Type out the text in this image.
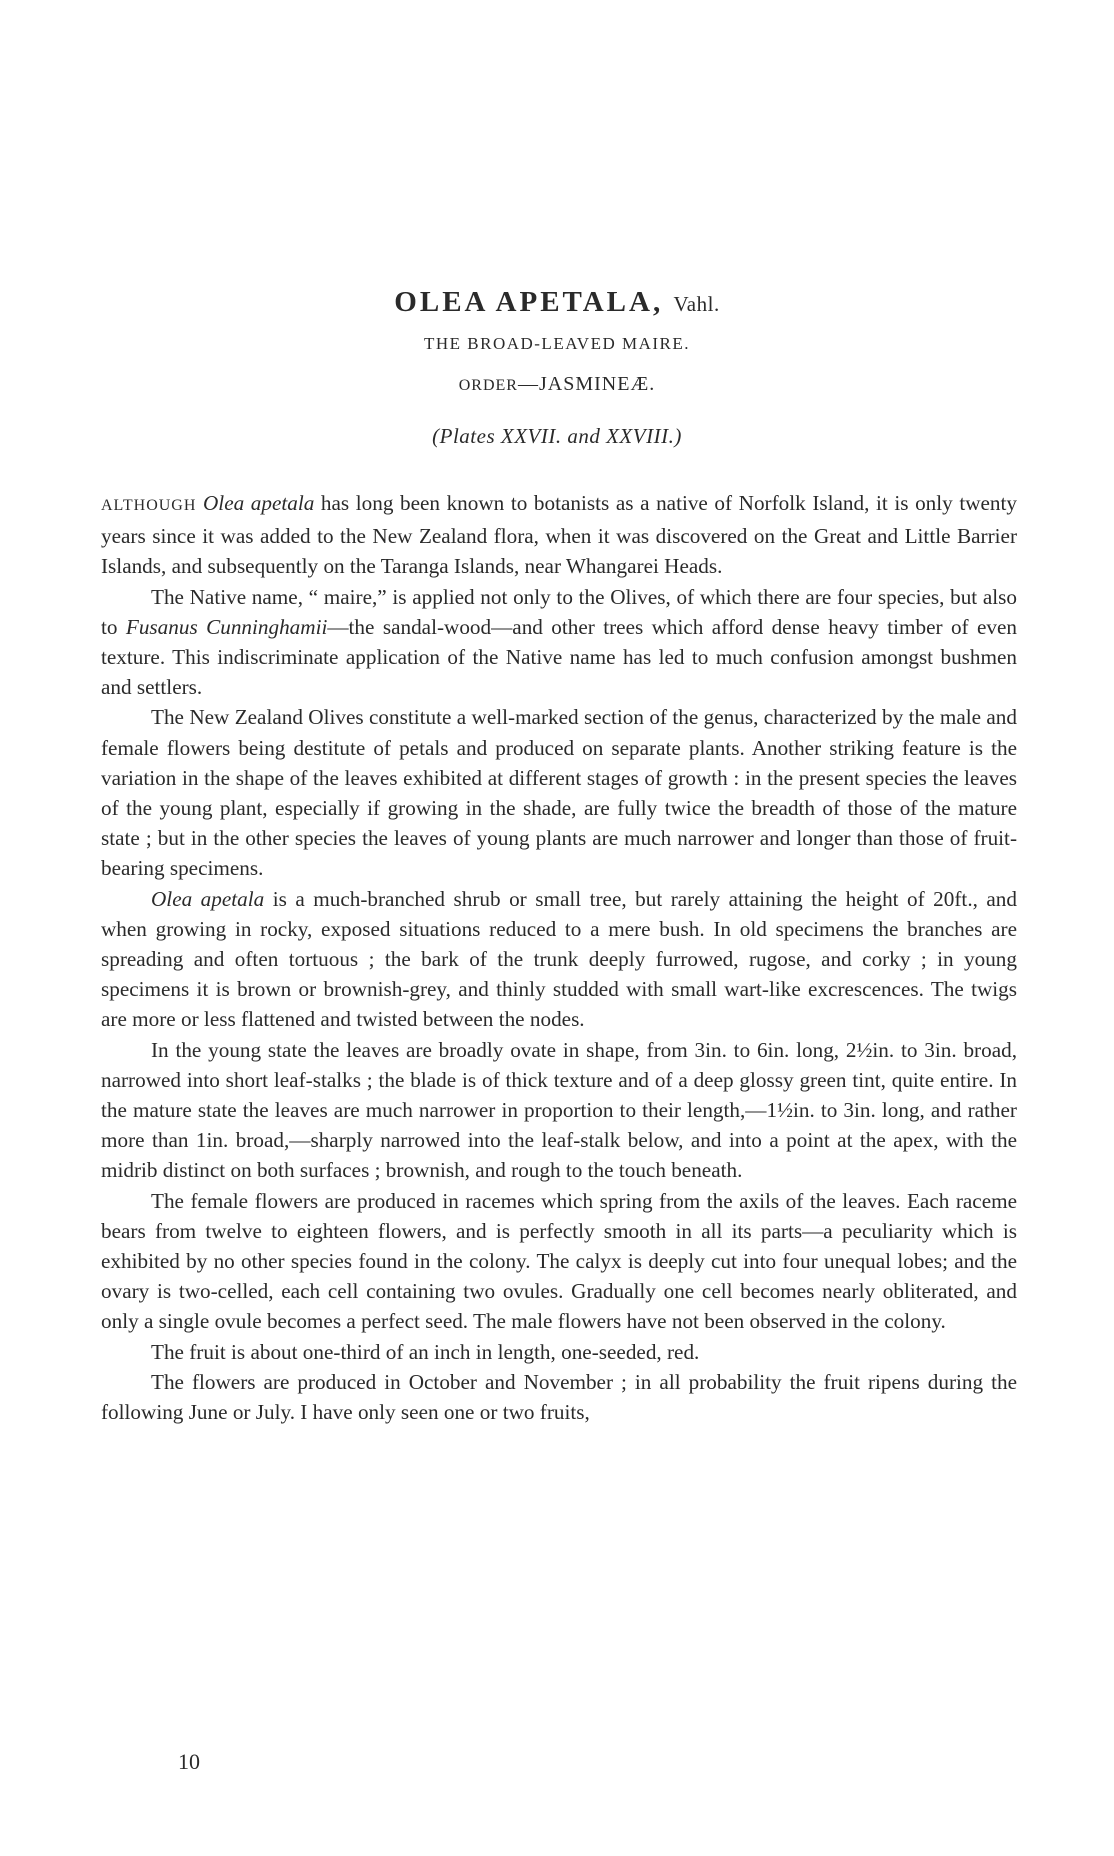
OLEA APETALA, Vahl.
THE BROAD-LEAVED MAIRE.
ORDER—JASMINEÆ.
(Plates XXVII. and XXVIII.)

ALTHOUGH Olea apetala has long been known to botanists as a native of Norfolk Island, it is only twenty years since it was added to the New Zealand flora, when it was discovered on the Great and Little Barrier Islands, and subsequently on the Taranga Islands, near Whangarei Heads.

The Native name, “ maire,” is applied not only to the Olives, of which there are four species, but also to Fusanus Cunninghamii—the sandal-wood—and other trees which afford dense heavy timber of even texture. This indiscriminate application of the Native name has led to much confusion amongst bushmen and settlers.

The New Zealand Olives constitute a well-marked section of the genus, characterized by the male and female flowers being destitute of petals and produced on separate plants. Another striking feature is the variation in the shape of the leaves exhibited at different stages of growth : in the present species the leaves of the young plant, especially if growing in the shade, are fully twice the breadth of those of the mature state ; but in the other species the leaves of young plants are much narrower and longer than those of fruit-bearing specimens.

Olea apetala is a much-branched shrub or small tree, but rarely attaining the height of 20ft., and when growing in rocky, exposed situations reduced to a mere bush. In old specimens the branches are spreading and often tortuous ; the bark of the trunk deeply furrowed, rugose, and corky ; in young specimens it is brown or brownish-grey, and thinly studded with small wart-like excrescences. The twigs are more or less flattened and twisted between the nodes.

In the young state the leaves are broadly ovate in shape, from 3in. to 6in. long, 2½in. to 3in. broad, narrowed into short leaf-stalks ; the blade is of thick texture and of a deep glossy green tint, quite entire. In the mature state the leaves are much narrower in proportion to their length,—1½in. to 3in. long, and rather more than 1in. broad,—sharply narrowed into the leaf-stalk below, and into a point at the apex, with the midrib distinct on both surfaces ; brownish, and rough to the touch beneath.

The female flowers are produced in racemes which spring from the axils of the leaves. Each raceme bears from twelve to eighteen flowers, and is perfectly smooth in all its parts—a peculiarity which is exhibited by no other species found in the colony. The calyx is deeply cut into four unequal lobes; and the ovary is two-celled, each cell containing two ovules. Gradually one cell becomes nearly obliterated, and only a single ovule becomes a perfect seed. The male flowers have not been observed in the colony.

The fruit is about one-third of an inch in length, one-seeded, red.

The flowers are produced in October and November ; in all probability the fruit ripens during the following June or July. I have only seen one or two fruits,

10
